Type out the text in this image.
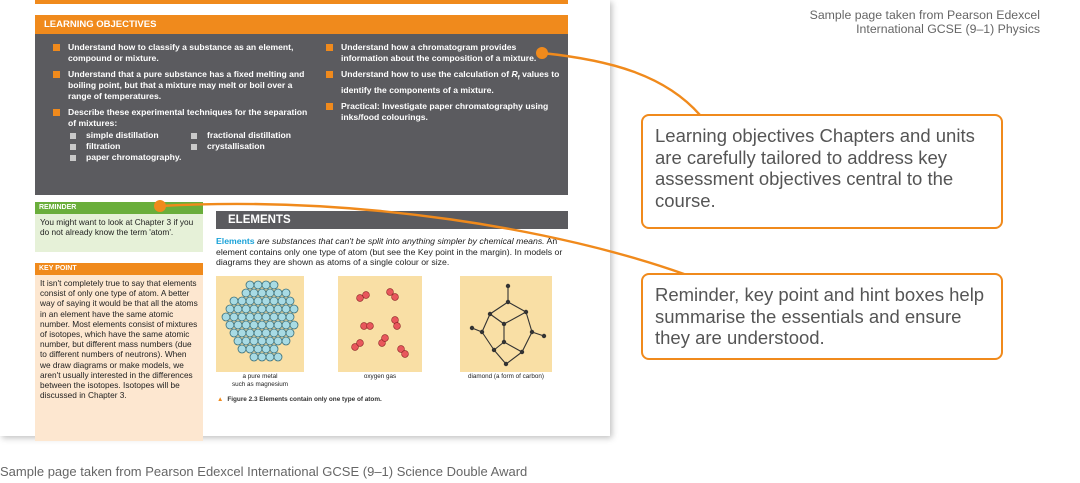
LEARNING OBJECTIVES
Understand how to classify a substance as an element, compound or mixture.
Understand that a pure substance has a fixed melting and boiling point, but that a mixture may melt or boil over a range of temperatures.
Describe these experimental techniques for the separation of mixtures:
simple distillation	fractional distillation
filtration	crystallisation
paper chromatography.
Understand how a chromatogram provides information about the composition of a mixture.
Understand how to use the calculation of $R_f$ values to identify the components of a mixture.
Practical: Investigate paper chromatography using inks/food colourings.
REMINDER
You might want to look at Chapter 3 if you do not already know the term 'atom'.
KEY POINT
It isn't completely true to say that elements consist of only one type of atom. A better way of saying it would be that all the atoms in an element have the same atomic number. Most elements consist of mixtures of isotopes, which have the same atomic number, but different mass numbers (due to different numbers of neutrons). When we draw diagrams or make models, we aren't usually interested in the differences between the isotopes. Isotopes will be discussed in Chapter 3.
ELEMENTS
Elements are substances that can't be split into anything simpler by chemical means. An element contains only one type of atom (but see the Key point in the margin). In models or diagrams they are shown as atoms of a single colour or size.
a pure metal
such as magnesium
oxygen gas	diamond (a form of carbon)
▲ Figure 2.3 Elements contain only one type of atom.
Sample page taken from Pearson Edexcel International GCSE (9–1) Science Double Award
Sample page taken from Pearson Edexcel
International GCSE (9–1) Physics
Learning objectives Chapters and units are carefully tailored to address key assessment objectives central to the course.
Reminder, key point and hint boxes help summarise the essentials and ensure they are understood.
